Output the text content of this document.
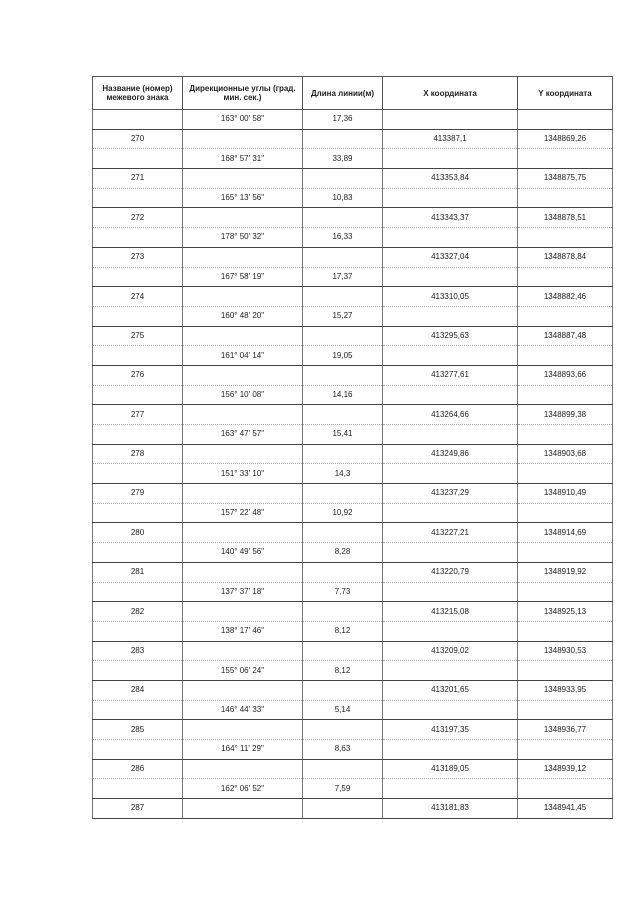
Название (номер) межевого знака	Дирекционные углы (град. мин. сек.)	Длина линии(м)	X координата	Y координата
	163° 00' 58"	17,36		
270			413387,1	1348869,26
	168° 57' 31"	33,89		
271			413353,84	1348875,75
	165° 13' 56"	10,83		
272			413343,37	1348878,51
	178° 50' 32"	16,33		
273			413327,04	1348878,84
	167° 58' 19"	17,37		
274			413310,05	1348882,46
	160° 48' 20"	15,27		
275			413295,63	1348887,48
	161° 04' 14"	19,05		
276			413277,61	1348893,66
	156° 10' 08"	14,16		
277			413264,66	1348899,38
	163° 47' 57"	15,41		
278			413249,86	1348903,68
	151° 33' 10"	14,3		
279			413237,29	1348910,49
	157° 22' 48"	10,92		
280			413227,21	1348914,69
	140° 49' 56"	8,28		
281			413220,79	1348919,92
	137° 37' 18"	7,73		
282			413215,08	1348925,13
	138° 17' 46"	8,12		
283			413209,02	1348930,53
	155° 06' 24"	8,12		
284			413201,65	1348933,95
	146° 44' 33"	5,14		
285			413197,35	1348936,77
	164° 11' 29"	8,63		
286			413189,05	1348939,12
	162° 06' 52"	7,59		
287			413181,83	1348941,45
